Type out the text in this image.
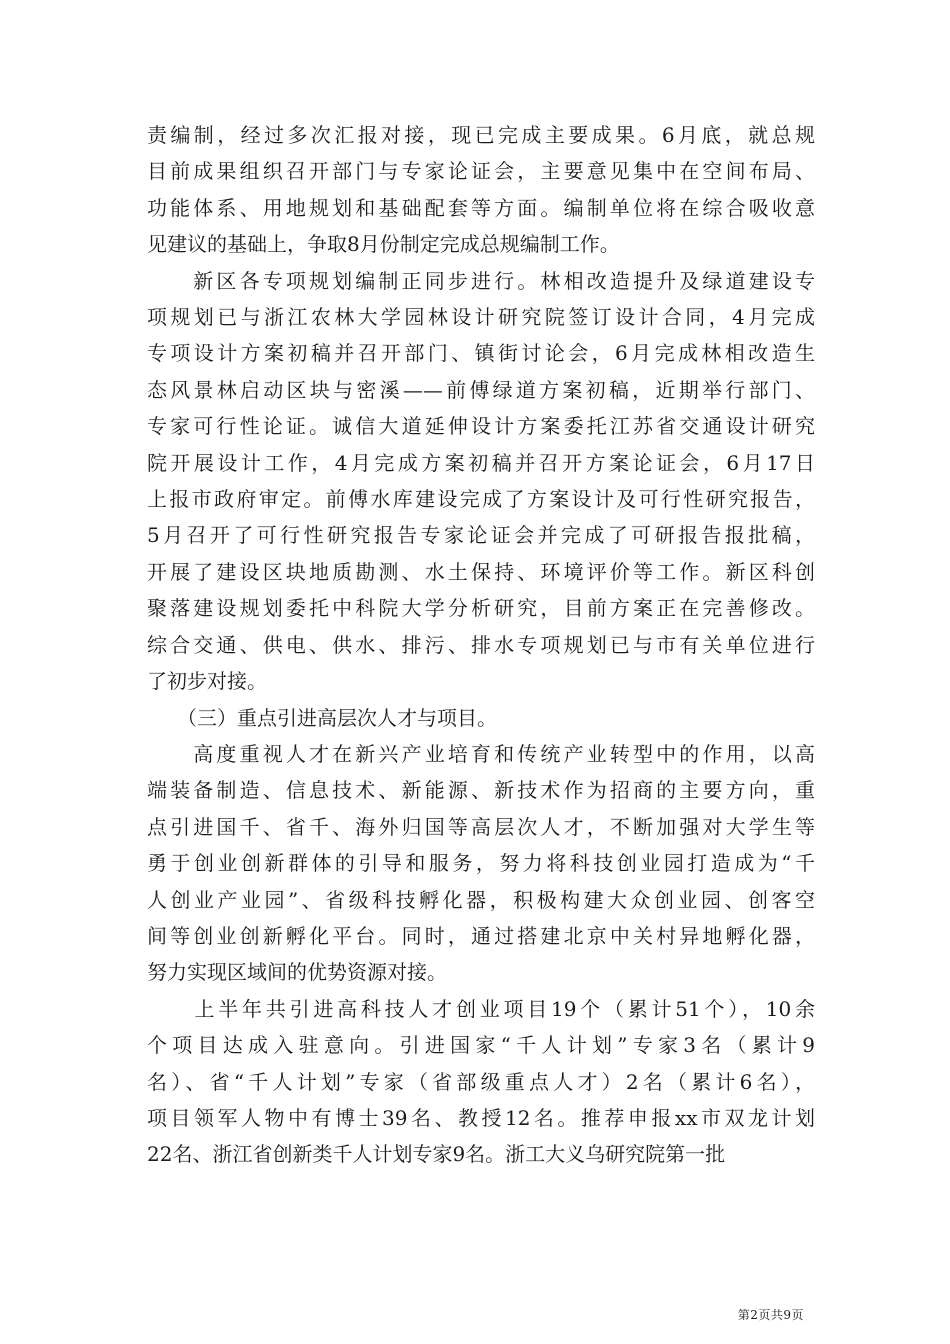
责编制，经过多次汇报对接，现已完成主要成果。6月底，就总规
目前成果组织召开部门与专家论证会，主要意见集中在空间布局、
功能体系、用地规划和基础配套等方面。编制单位将在综合吸收意
见建议的基础上，争取8月份制定完成总规编制工作。
　　新区各专项规划编制正同步进行。林相改造提升及绿道建设专
项规划已与浙江农林大学园林设计研究院签订设计合同，4月完成
专项设计方案初稿并召开部门、镇街讨论会，6月完成林相改造生
态风景林启动区块与密溪——前傅绿道方案初稿，近期举行部门、
专家可行性论证。诚信大道延伸设计方案委托江苏省交通设计研究
院开展设计工作，4月完成方案初稿并召开方案论证会，6月17日
上报市政府审定。前傅水库建设完成了方案设计及可行性研究报告，
5月召开了可行性研究报告专家论证会并完成了可研报告报批稿，
开展了建设区块地质勘测、水土保持、环境评价等工作。新区科创
聚落建设规划委托中科院大学分析研究，目前方案正在完善修改。
综合交通、供电、供水、排污、排水专项规划已与市有关单位进行
了初步对接。
　　（三）重点引进高层次人才与项目。
　　高度重视人才在新兴产业培育和传统产业转型中的作用，以高
端装备制造、信息技术、新能源、新技术作为招商的主要方向，重
点引进国千、省千、海外归国等高层次人才，不断加强对大学生等
勇于创业创新群体的引导和服务，努力将科技创业园打造成为“千
人创业产业园”、省级科技孵化器，积极构建大众创业园、创客空
间等创业创新孵化平台。同时，通过搭建北京中关村异地孵化器，
努力实现区域间的优势资源对接。
　　上半年共引进高科技人才创业项目19个（累计51个），10余
个项目达成入驻意向。引进国家“千人计划”专家3名（累计9
名）、省“千人计划”专家（省部级重点人才）2名（累计6名），
项目领军人物中有博士39名、教授12名。推荐申报xx市双龙计划
22名、浙江省创新类千人计划专家9名。浙工大义乌研究院第一批
第2页共9页
